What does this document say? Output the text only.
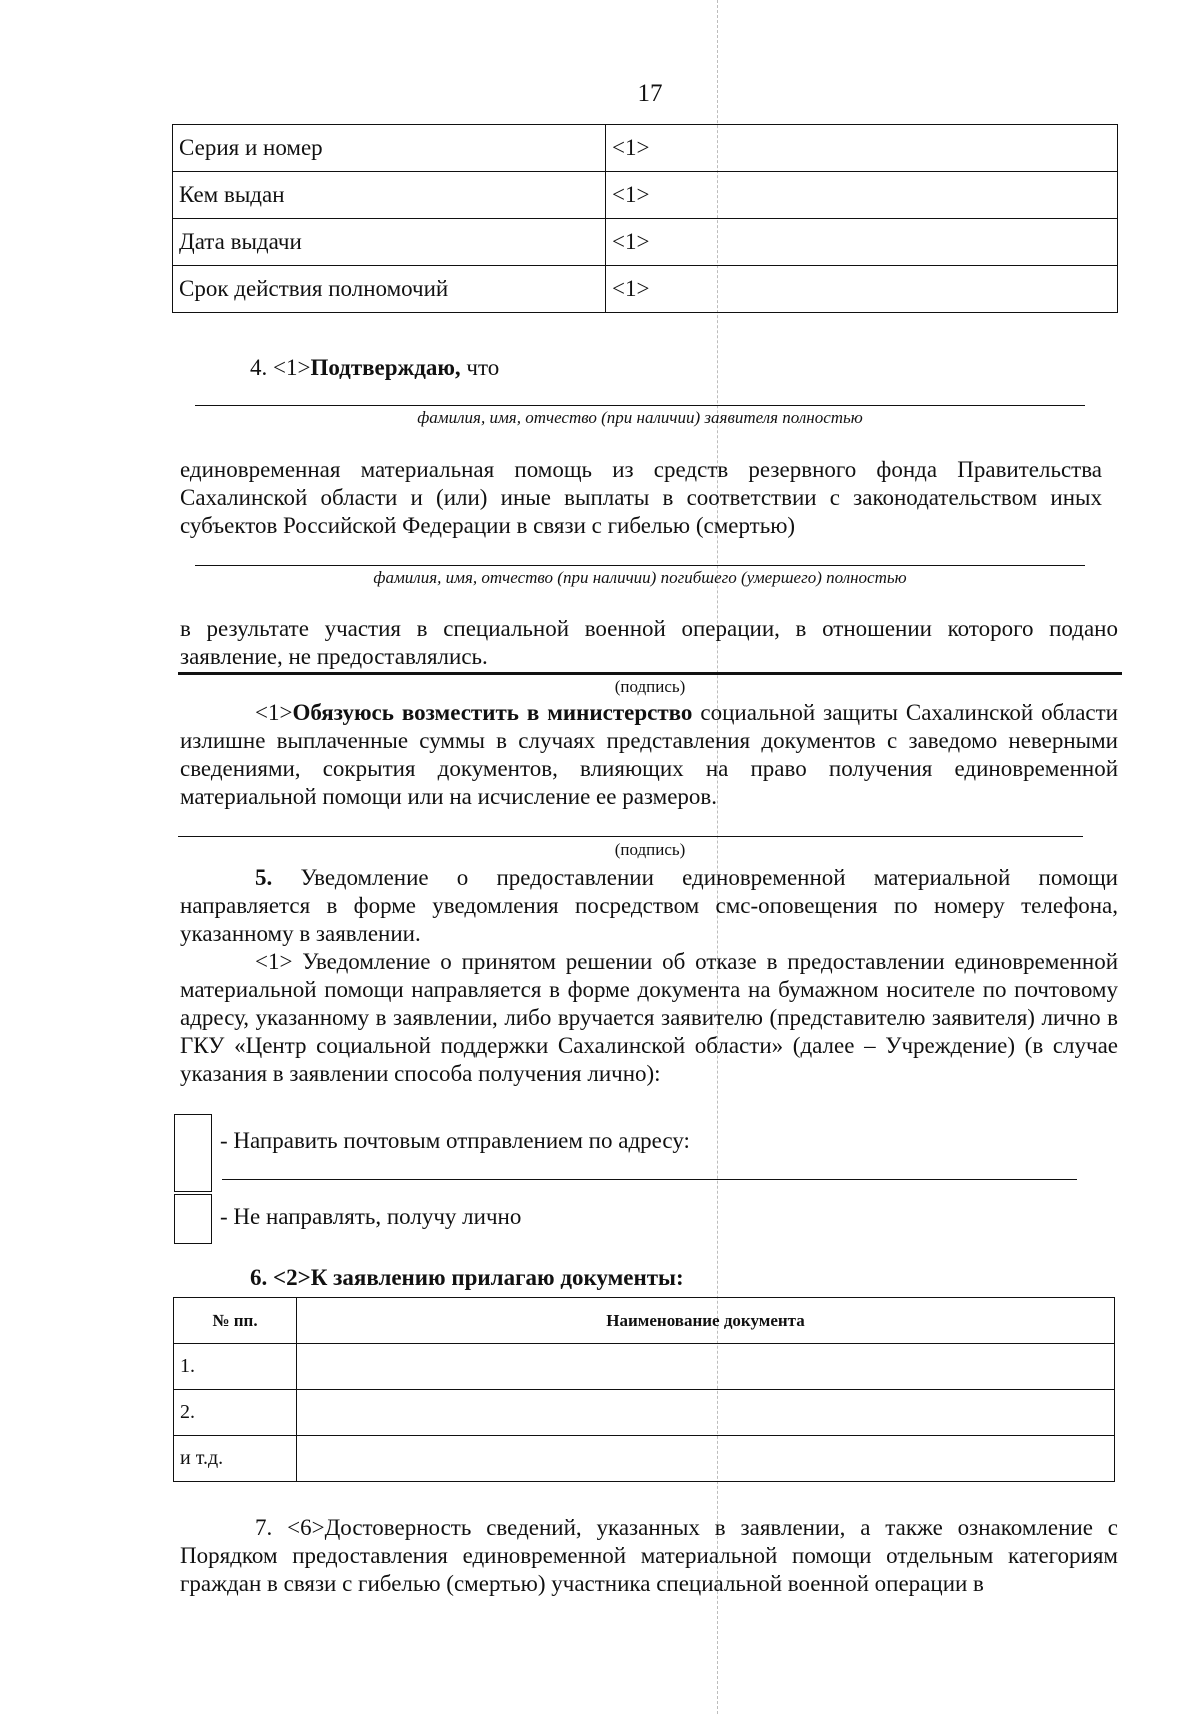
17
Серия и номер	<1>
Кем выдан	<1>
Дата выдачи	<1>
Срок действия полномочий	<1>
4. <1>Подтверждаю, что
фамилия, имя, отчество (при наличии) заявителя полностью
единовременная материальная помощь из средств резервного фонда Правительства Сахалинской области и (или) иные выплаты в соответствии с законодательством иных субъектов Российской Федерации в связи с гибелью (смертью)
фамилия, имя, отчество (при наличии) погибшего (умершего) полностью
в результате участия в специальной военной операции, в отношении которого подано заявление, не предоставлялись.
(подпись)
<1>Обязуюсь возместить в министерство социальной защиты Сахалинской области излишне выплаченные суммы в случаях представления документов с заведомо неверными сведениями, сокрытия документов, влияющих на право получения единовременной материальной помощи или на исчисление ее размеров.
(подпись)
5. Уведомление о предоставлении единовременной материальной помощи направляется в форме уведомления посредством смс-оповещения по номеру телефона, указанному в заявлении.
<1> Уведомление о принятом решении об отказе в предоставлении единовременной материальной помощи направляется в форме документа на бумажном носителе по почтовому адресу, указанному в заявлении, либо вручается заявителю (представителю заявителя) лично в ГКУ «Центр социальной поддержки Сахалинской области» (далее – Учреждение) (в случае указания в заявлении способа получения лично):
- Направить почтовым отправлением по адресу:
- Не направлять, получу лично
6. <2>К заявлению прилагаю документы:
№ пп.	Наименование документа
1.	
2.	
и т.д.	
7. <6>Достоверность сведений, указанных в заявлении, а также ознакомление с Порядком предоставления единовременной материальной помощи отдельным категориям граждан в связи с гибелью (смертью) участника специальной военной операции в
